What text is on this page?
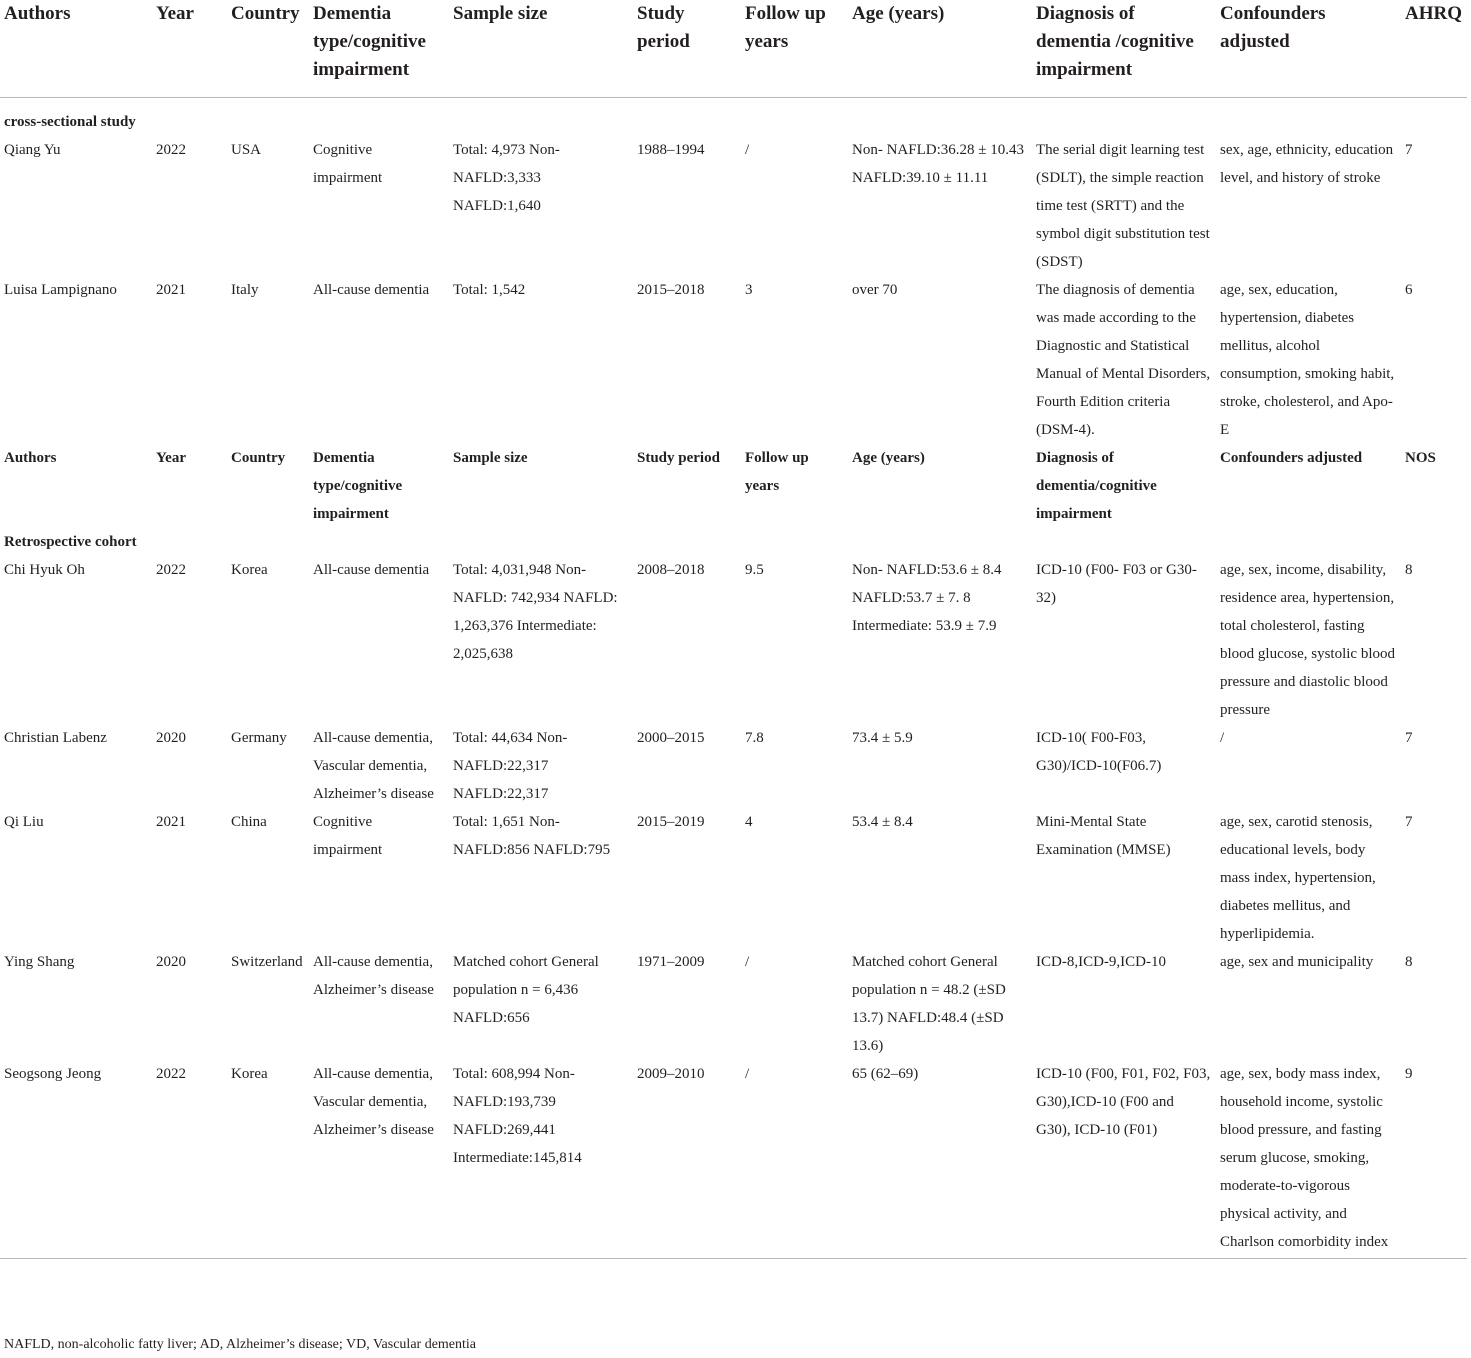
Authors	Year	Country	Dementia type/cognitive impairment	Sample size	Study period	Follow up years	Age (years)	Diagnosis of dementia /cognitive impairment	Confounders adjusted	AHRQ

cross-sectional study										
Qiang Yu	2022	USA	Cognitive impairment	Total: 4,973 Non-NAFLD:3,333 NAFLD:1,640	1988–1994	/	Non- NAFLD:36.28 ± 10.43 NAFLD:39.10 ± 11.11	The serial digit learning test (SDLT), the simple reaction time test (SRTT) and the symbol digit substitution test (SDST)	sex, age, ethnicity, education level, and history of stroke	7
Luisa Lampignano	2021	Italy	All-cause dementia	Total: 1,542	2015–2018	3	over 70	The diagnosis of dementia was made according to the Diagnostic and Statistical Manual of Mental Disorders, Fourth Edition criteria (DSM-4).	age, sex, education, hypertension, diabetes mellitus, alcohol consumption, smoking habit, stroke, cholesterol, and Apo-E	6
Authors	Year	Country	Dementia type/cognitive impairment	Sample size	Study period	Follow up years	Age (years)	Diagnosis of dementia/cognitive impairment	Confounders adjusted	NOS
Retrospective cohort										
Chi Hyuk Oh	2022	Korea	All-cause dementia	Total: 4,031,948 Non-NAFLD: 742,934 NAFLD: 1,263,376 Intermediate: 2,025,638	2008–2018	9.5	Non- NAFLD:53.6 ± 8.4 NAFLD:53.7 ± 7. 8 Intermediate: 53.9 ± 7.9	ICD-10 (F00- F03 or G30-32)	age, sex, income, disability, residence area, hypertension, total cholesterol, fasting blood glucose, systolic blood pressure and diastolic blood pressure	8
Christian Labenz	2020	Germany	All-cause dementia, Vascular dementia, Alzheimer’s disease	Total: 44,634 Non-NAFLD:22,317 NAFLD:22,317	2000–2015	7.8	73.4 ± 5.9	ICD-10( F00-F03, G30)/ICD-10(F06.7)	/	7
Qi Liu	2021	China	Cognitive impairment	Total: 1,651 Non-NAFLD:856 NAFLD:795	2015–2019	4	53.4 ± 8.4	Mini-Mental State Examination (MMSE)	age, sex, carotid stenosis, educational levels, body mass index, hypertension, diabetes mellitus, and hyperlipidemia.	7
Ying Shang	2020	Switzerland	All-cause dementia, Alzheimer’s disease	Matched cohort General population n = 6,436 NAFLD:656	1971–2009	/	Matched cohort General population n = 48.2 (±SD 13.7) NAFLD:48.4 (±SD 13.6)	ICD-8,ICD-9,ICD-10	age, sex and municipality	8
Seogsong Jeong	2022	Korea	All-cause dementia, Vascular dementia, Alzheimer’s disease	Total: 608,994 Non-NAFLD:193,739 NAFLD:269,441 Intermediate:145,814	2009–2010	/	65 (62–69)	ICD-10 (F00, F01, F02, F03, G30),ICD-10 (F00 and G30), ICD-10 (F01)	age, sex, body mass index, household income, systolic blood pressure, and fasting serum glucose, smoking, moderate-to-vigorous physical activity, and Charlson comorbidity index	9
NAFLD, non-alcoholic fatty liver; AD, Alzheimer’s disease; VD, Vascular dementia
